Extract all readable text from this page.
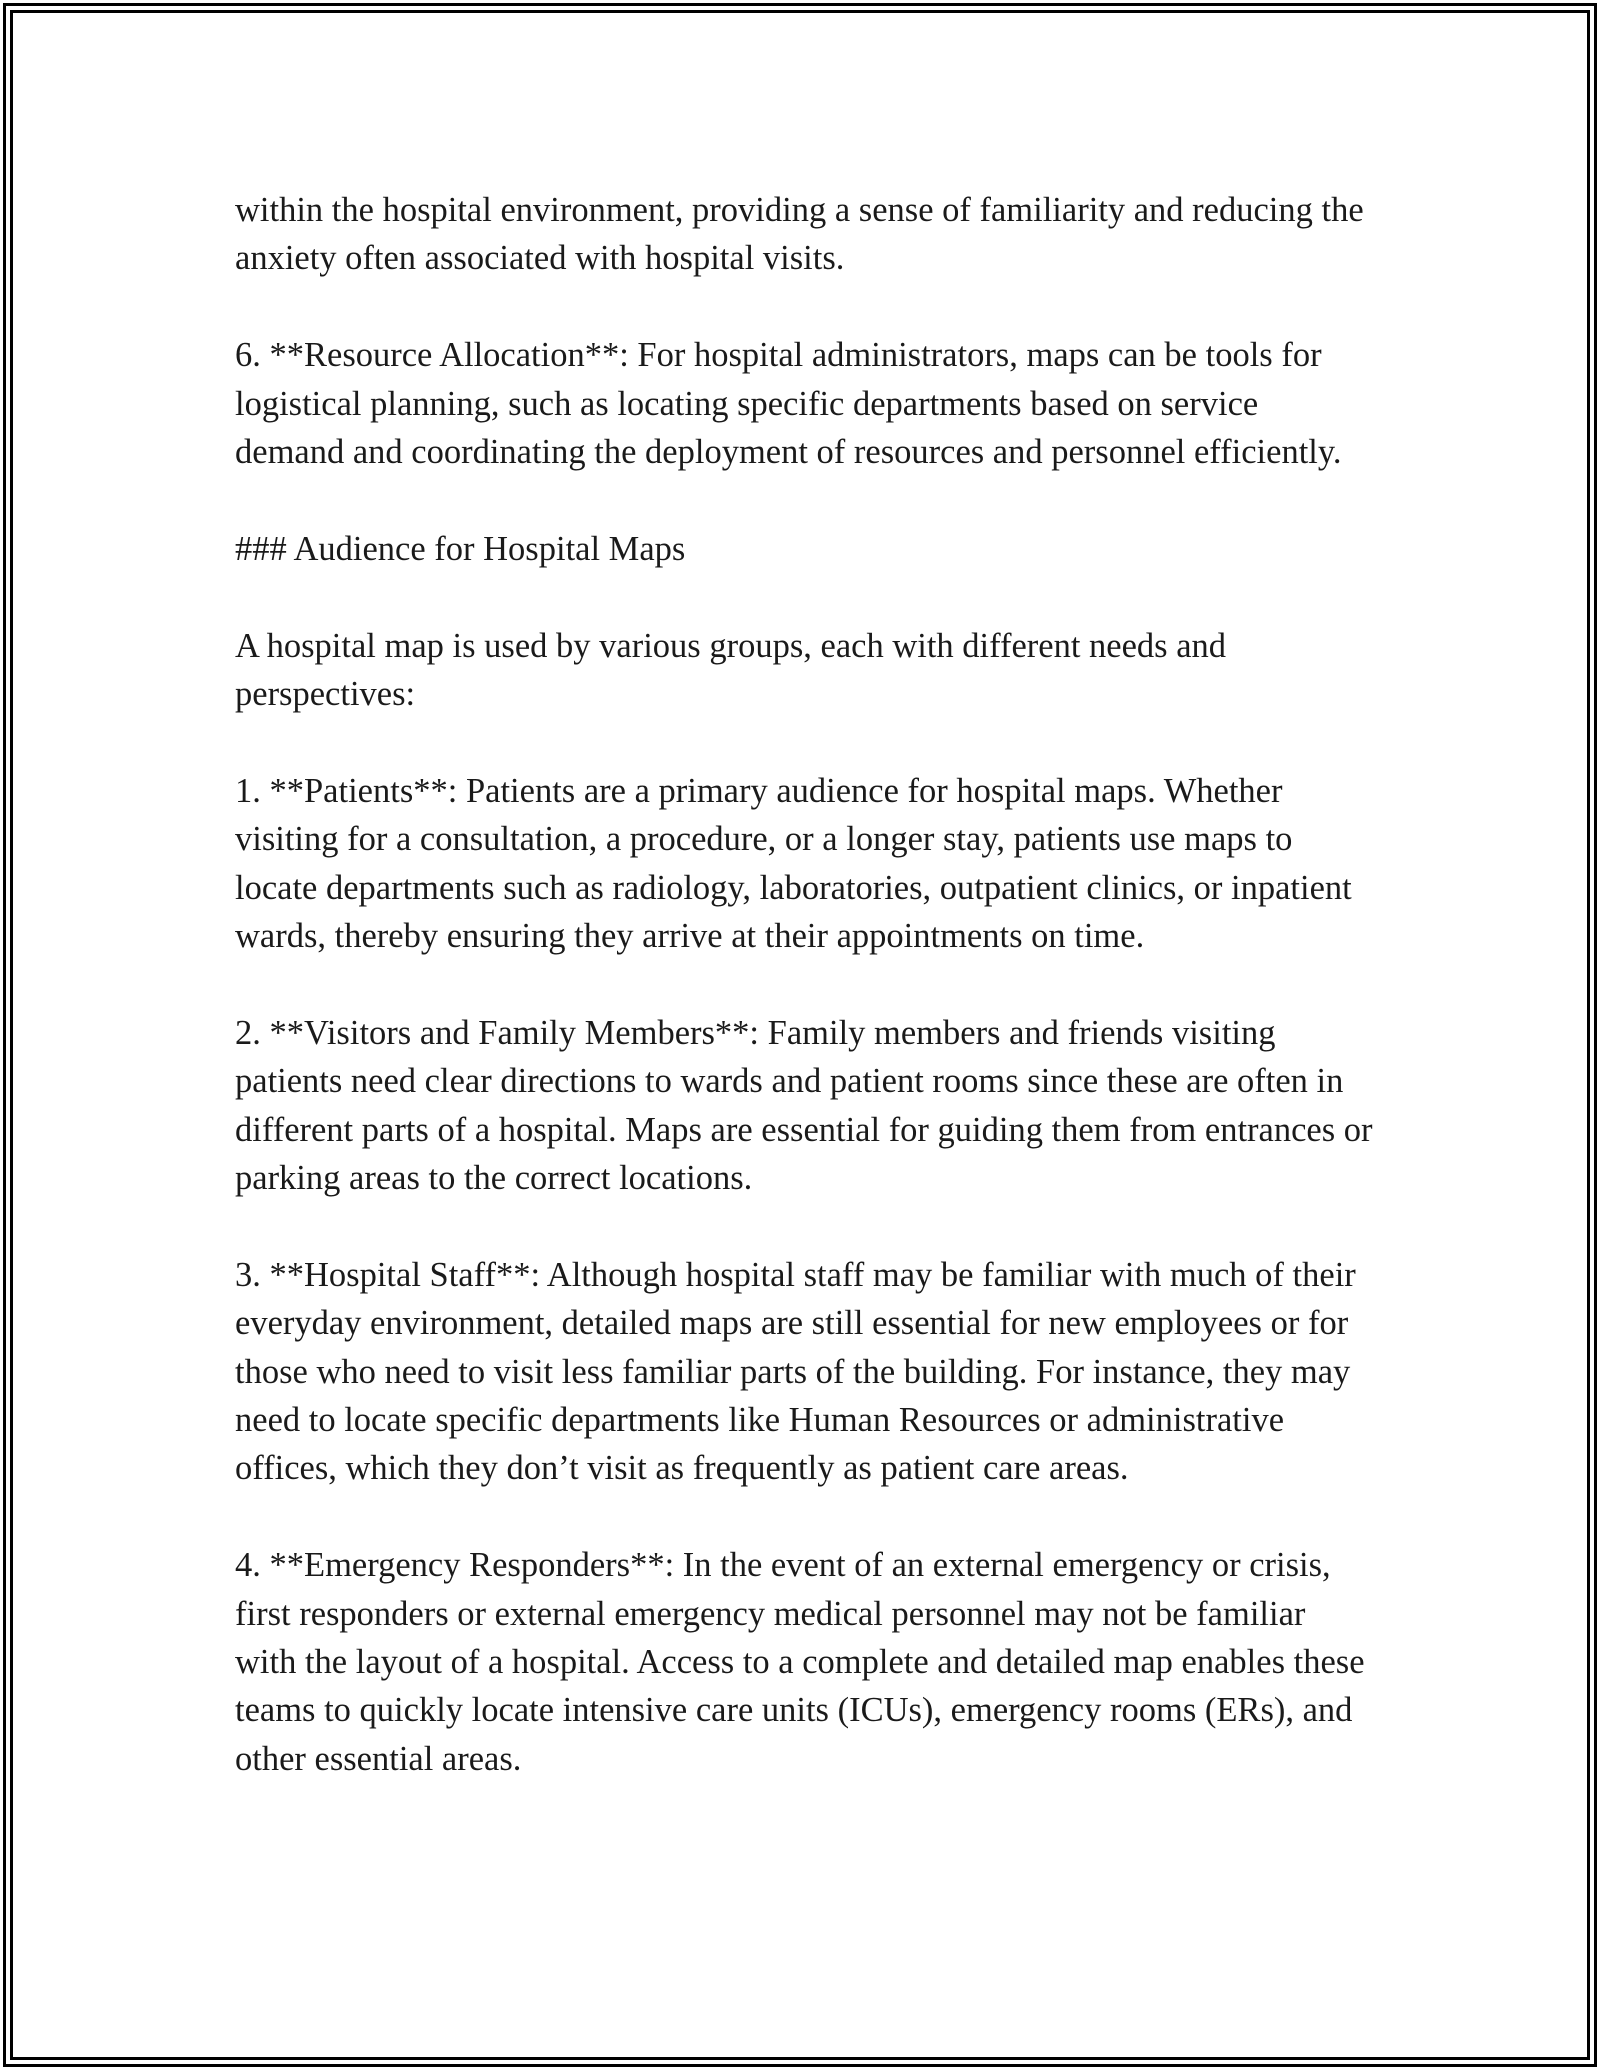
within the hospital environment, providing a sense of familiarity and reducing the anxiety often associated with hospital visits.

6. **Resource Allocation**: For hospital administrators, maps can be tools for logistical planning, such as locating specific departments based on service demand and coordinating the deployment of resources and personnel efficiently.

### Audience for Hospital Maps

A hospital map is used by various groups, each with different needs and perspectives:

1. **Patients**: Patients are a primary audience for hospital maps. Whether visiting for a consultation, a procedure, or a longer stay, patients use maps to locate departments such as radiology, laboratories, outpatient clinics, or inpatient wards, thereby ensuring they arrive at their appointments on time.

2. **Visitors and Family Members**: Family members and friends visiting patients need clear directions to wards and patient rooms since these are often in different parts of a hospital. Maps are essential for guiding them from entrances or parking areas to the correct locations.

3. **Hospital Staff**: Although hospital staff may be familiar with much of their everyday environment, detailed maps are still essential for new employees or for those who need to visit less familiar parts of the building. For instance, they may need to locate specific departments like Human Resources or administrative offices, which they don’t visit as frequently as patient care areas.

4. **Emergency Responders**: In the event of an external emergency or crisis, first responders or external emergency medical personnel may not be familiar with the layout of a hospital. Access to a complete and detailed map enables these teams to quickly locate intensive care units (ICUs), emergency rooms (ERs), and other essential areas.
